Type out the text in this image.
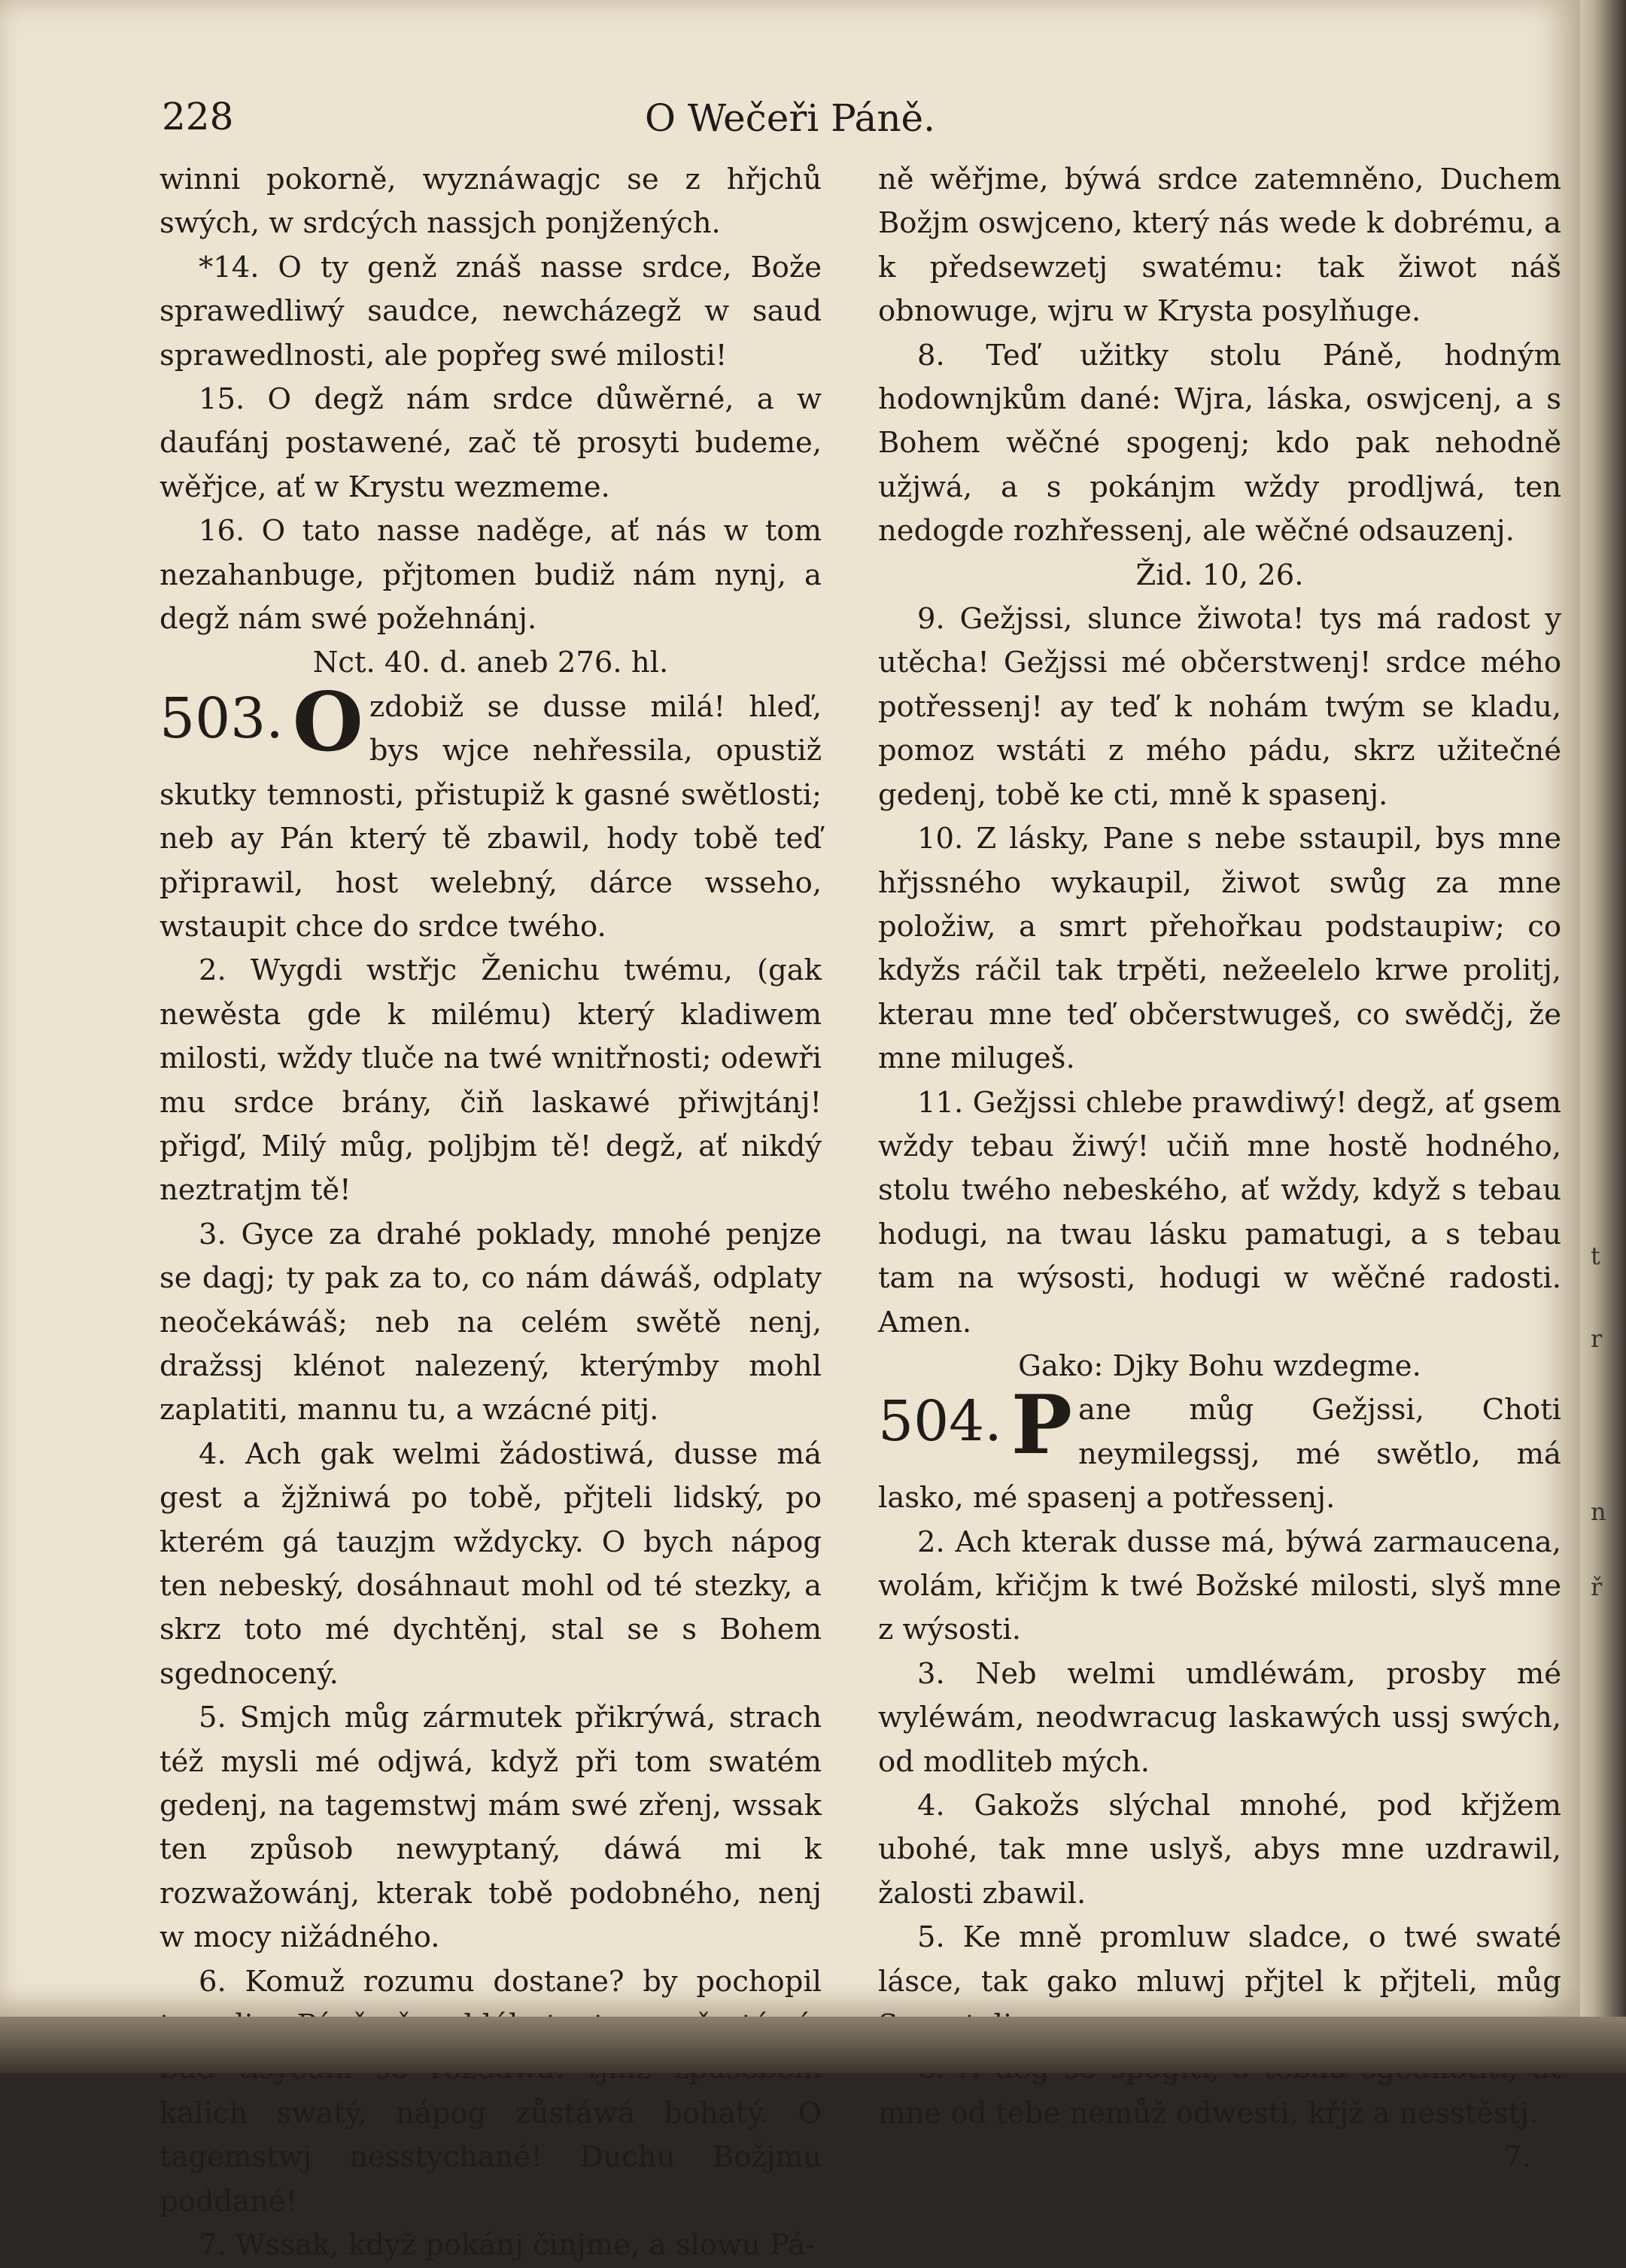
228	O Wečeři Páně.

winni pokorně, wyznáwagjc se z hřjchů swých, w srdcých nassjch ponjžených.

*14. O ty genž znáš nasse srdce, Bože sprawedliwý saudce, newcházegž w saud sprawedlnosti, ale popřeg swé milosti!

15. O degž nám srdce důwěrné, a w daufánj postawené, zač tě prosyti budeme, wěřjce, ať w Krystu wezmeme.

16. O tato nasse naděge, ať nás w tom nezahanbuge, přjtomen budiž nám nynj, a degž nám swé požehnánj.

Nct. 40. d. aneb 276. hl.

503. O zdobiž se dusse milá! hleď, bys wjce nehřessila, opustiž skutky temnosti, přistupiž k gasné swětlosti; neb ay Pán který tě zbawil, hody tobě teď připrawil, host welebný, dárce wsseho, wstaupit chce do srdce twého.

2. Wygdi wstřjc Ženichu twému, (gak newěsta gde k milému) který kladiwem milosti, wždy tluče na twé wnitřnosti; odewři mu srdce brány, čiň laskawé přiwjtánj! přigď, Milý můg, poljbjm tě! degž, ať nikdý neztratjm tě!

3. Gyce za drahé poklady, mnohé penjze se dagj; ty pak za to, co nám dáwáš, odplaty neočekáwáš; neb na celém swětě nenj, dražssj klénot nalezený, kterýmby mohl zaplatiti, mannu tu, a wzácné pitj.

4. Ach gak welmi žádostiwá, dusse má gest a žjžniwá po tobě, přjteli lidský, po kterém gá tauzjm wždycky. O bych nápog ten nebeský, dosáhnaut mohl od té stezky, a skrz toto mé dychtěnj, stal se s Bohem sgednocený.

5. Smjch můg zármutek přikrýwá, strach též mysli mé odjwá, když při tom swatém gedenj, na tagemstwj mám swé zřenj, wssak ten způsob newyptaný, dáwá mi k rozwažowánj, kterak tobě podobného, nenj w mocy nižádného.

6. Komuž rozumu dostane? by pochopil kalich swatý, nápog zůstáwá bohatý. O tagemstwj nesstychané! Duchu Božjmu poddané!

7. Wssak, když pokánj činjme, a slowu Pá-

ně wěřjme, býwá srdce zatemněno, Duchem Božjm oswjceno, který nás wede k dobrému, a k předsewzetj swatému: tak žiwot náš obnowuge, wjru w Krysta posylňuge.

8. Teď užitky stolu Páně, hodným hodownjkům dané: Wjra, láska, oswjcenj, a s Bohem wěčné spogenj; kdo pak nehodně užjwá, a s pokánjm wždy prodljwá, ten nedogde rozhřessenj, ale wěčné odsauzenj.

Žid. 10, 26.

9. Gežjssi, slunce žiwota! tys má radost y utěcha! Gežjssi mé občerstwenj! srdce mého potřessenj! ay teď k nohám twým se kladu, pomoz wstáti z mého pádu, skrz užitečné gedenj, tobě ke cti, mně k spasenj.

10. Z lásky, Pane s nebe sstaupil, bys mne hřjssného wykaupil, žiwot swůg za mne položiw, a smrt přehořkau podstaupiw; co kdyžs ráčil tak trpěti, nežeelelo krwe prolitj, kterau mne teď občerstwugeš, co swědčj, že mne milugeš.

11. Gežjssi chlebe prawdiwý! degž, ať gsem wždy tebau žiwý! učiň mne hostě hodného, stolu twého nebeského, ať wždy, když s tebau hodugi, na twau lásku pamatugi, a s tebau tam na wýsosti, hodugi w wěčné radosti. Amen.

Gako: Djky Bohu wzdegme.

504. P ane můg Gežjssi, Choti neymilegssj, mé swětlo, má lasko, mé spasenj a potřessenj.

2. Ach kterak dusse má, býwá zarmaucena, wolám, křičjm k twé Božské milosti, slyš mne z wýsosti.

3. Neb welmi umdléwám, prosby mé wyléwám, neodwracug laskawých ussj swých, od modliteb mých.

4. Gakožs slýchal mnohé, pod křjžem ubohé, tak mne uslyš, abys mne uzdrawil, žalosti zbawil.

5. Ke mně promluw sladce, o twé swaté lásce, tak gako mluwj přjtel k přjteli, můg

mne od tebe nemůž odwesti, křjž a nesstěstj.

7.

t
r
n
ř
